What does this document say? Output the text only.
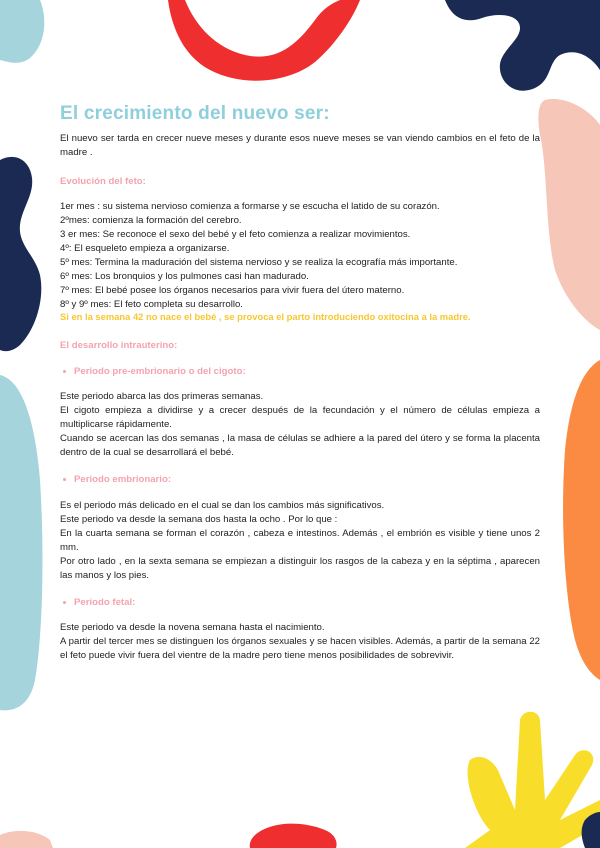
El crecimiento del nuevo ser:

El nuevo ser tarda en crecer nueve meses y durante esos nueve meses se van viendo cambios en el feto de la madre .

Evolución del feto:

1er mes : su sistema nervioso comienza a formarse y se escucha el latido de su corazón.

2ºmes: comienza la formación del cerebro.

3 er mes: Se reconoce el sexo del bebé y el feto comienza a realizar movimientos.

4º: El esqueleto empieza a organizarse.

5º mes: Termina la maduración del sistema nervioso y se realiza la ecografía más importante.

6º mes: Los bronquios y los pulmones casi han madurado.

7º mes: El bebé posee los órganos necesarios para vivir fuera del útero materno.

8º y 9º mes: El feto completa su desarrollo.

Si en la semana 42 no nace el bebé , se provoca el parto introduciendo oxitocina a la madre.

El desarrollo intrauterino:

Periodo pre-embrionario o del cigoto:

Este periodo abarca las dos primeras semanas.

El cigoto empieza a dividirse y a crecer después de la fecundación y el número de células empieza a multiplicarse rápidamente.

Cuando se acercan las dos semanas , la masa de células se adhiere a la pared del útero y se forma la placenta dentro de la cual se desarrollará el bebé.

Periodo embrionario:

Es el periodo más delicado en el cual se dan los cambios más significativos.

Este periodo va desde la semana dos hasta la ocho . Por lo que :

En la cuarta semana se forman el corazón , cabeza e intestinos. Además , el embrión es visible y tiene unos 2 mm.

Por otro lado , en la sexta semana se empiezan a distinguir los rasgos de la cabeza y en la séptima , aparecen las manos y los pies.

Periodo fetal:

Este periodo va desde la novena semana hasta el nacimiento.

A partir del tercer mes se distinguen los órganos sexuales y se hacen visibles. Además, a partir de la semana 22 el feto puede vivir fuera del vientre de la madre pero tiene menos posibilidades de sobrevivir.
